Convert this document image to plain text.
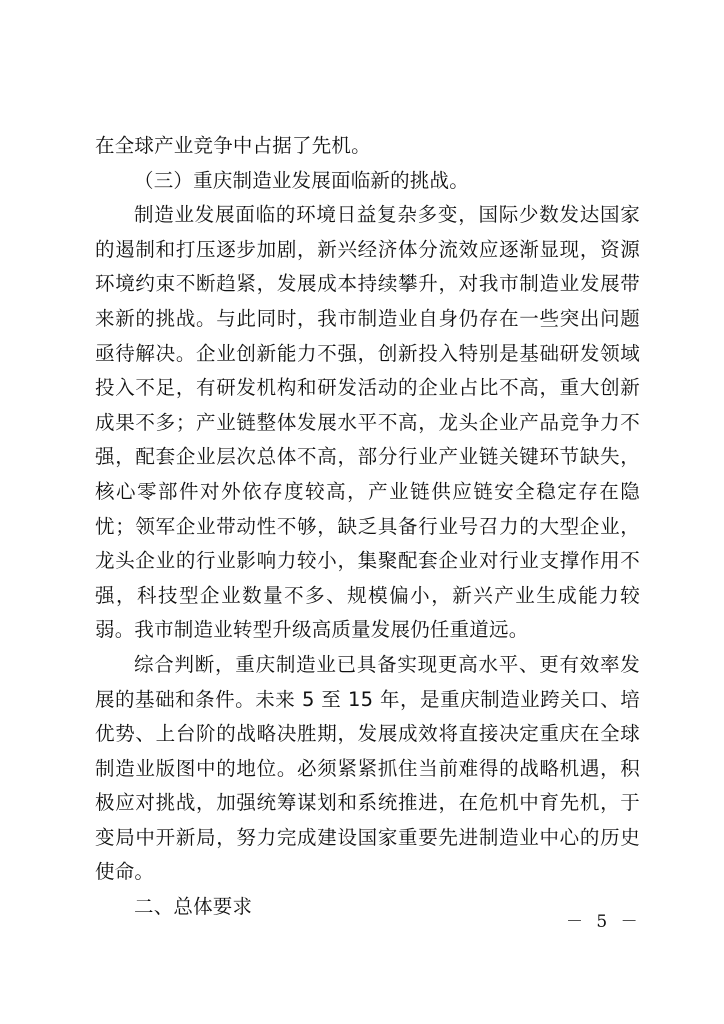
在全球产业竞争中占据了先机。

（三）重庆制造业发展面临新的挑战。

制造业发展面临的环境日益复杂多变，国际少数发达国家的遏制和打压逐步加剧，新兴经济体分流效应逐渐显现，资源环境约束不断趋紧，发展成本持续攀升，对我市制造业发展带来新的挑战。与此同时，我市制造业自身仍存在一些突出问题亟待解决。企业创新能力不强，创新投入特别是基础研发领域投入不足，有研发机构和研发活动的企业占比不高，重大创新成果不多；产业链整体发展水平不高，龙头企业产品竞争力不强，配套企业层次总体不高，部分行业产业链关键环节缺失，核心零部件对外依存度较高，产业链供应链安全稳定存在隐忧；领军企业带动性不够，缺乏具备行业号召力的大型企业，龙头企业的行业影响力较小，集聚配套企业对行业支撑作用不强，科技型企业数量不多、规模偏小，新兴产业生成能力较弱。我市制造业转型升级高质量发展仍任重道远。

综合判断，重庆制造业已具备实现更高水平、更有效率发展的基础和条件。未来 5 至 15 年，是重庆制造业跨关口、培优势、上台阶的战略决胜期，发展成效将直接决定重庆在全球制造业版图中的地位。必须紧紧抓住当前难得的战略机遇，积极应对挑战，加强统筹谋划和系统推进，在危机中育先机，于变局中开新局，努力完成建设国家重要先进制造业中心的历史使命。

二、总体要求

－ 5 －
